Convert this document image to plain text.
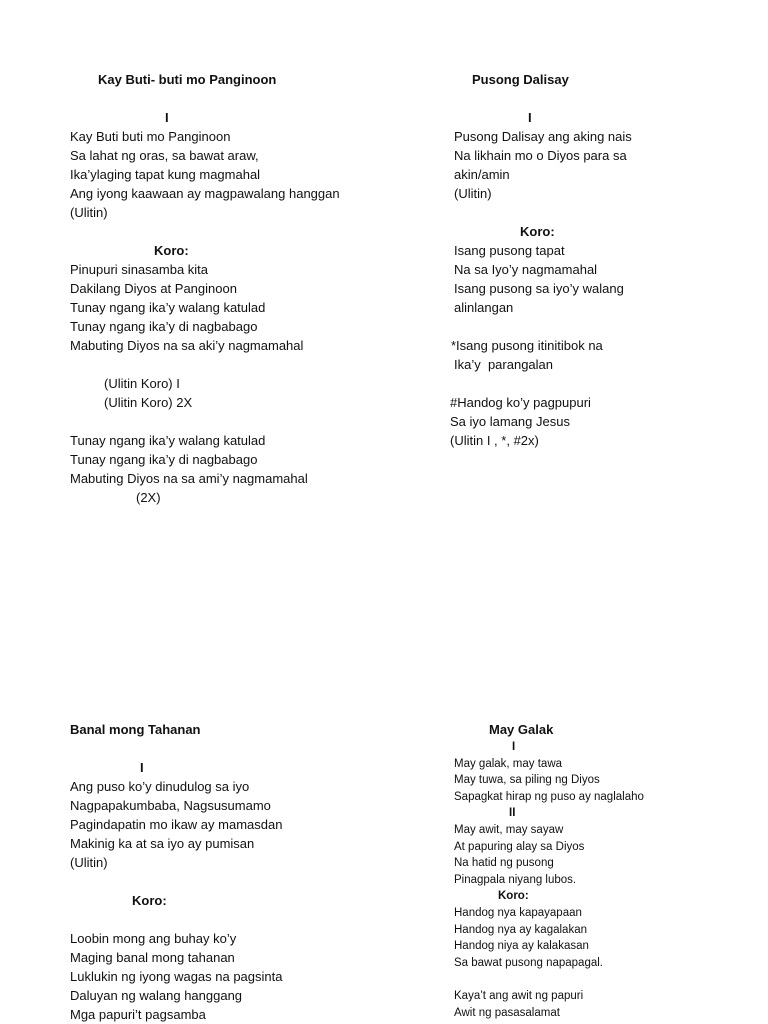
Kay Buti- buti mo Panginoon
I
Kay Buti buti mo Panginoon
Sa lahat ng oras, sa bawat araw,
Ika’ylaging tapat kung magmahal
Ang iyong kaawaan ay magpawalang hanggan
(Ulitin)
Koro:
Pinupuri sinasamba kita
Dakilang Diyos at Panginoon
Tunay ngang ika’y walang katulad
Tunay ngang ika’y di nagbabago
Mabuting Diyos na sa aki’y nagmamahal
(Ulitin Koro) I
(Ulitin Koro) 2X
Tunay ngang ika’y walang katulad
Tunay ngang ika’y di nagbabago
Mabuting Diyos na sa ami’y nagmamahal
(2X)
Pusong Dalisay
I
Pusong Dalisay ang aking nais
Na likhain mo o Diyos para sa
akin/amin
(Ulitin)
Koro:
Isang pusong tapat
Na sa Iyo’y nagmamahal
Isang pusong sa iyo’y walang
alinlangan
*Isang pusong itinitibok na
Ika’y  parangalan
#Handog ko’y pagpupuri
Sa iyo lamang Jesus
(Ulitin I , *, #2x)
Banal mong Tahanan
I
Ang puso ko’y dinudulog sa iyo
Nagpapakumbaba, Nagsusumamo
Pagindapatin mo ikaw ay mamasdan
Makinig ka at sa iyo ay pumisan
(Ulitin)
Koro:
Loobin mong ang buhay ko’y
Maging banal mong tahanan
Luklukin ng iyong wagas na pagsinta
Daluyan ng walang hanggang
Mga papuri’t pagsamba
May Galak
I
May galak, may tawa
May tuwa, sa piling ng Diyos
Sapagkat hirap ng puso ay naglalaho
II
May awit, may sayaw
At papuring alay sa Diyos
Na hatid ng pusong
Pinagpala niyang lubos.
Koro:
Handog nya kapayapaan
Handog nya ay kagalakan
Handog niya ay kalakasan
Sa bawat pusong napapagal.
Kaya’t ang awit ng papuri
Awit ng pasasalamat
